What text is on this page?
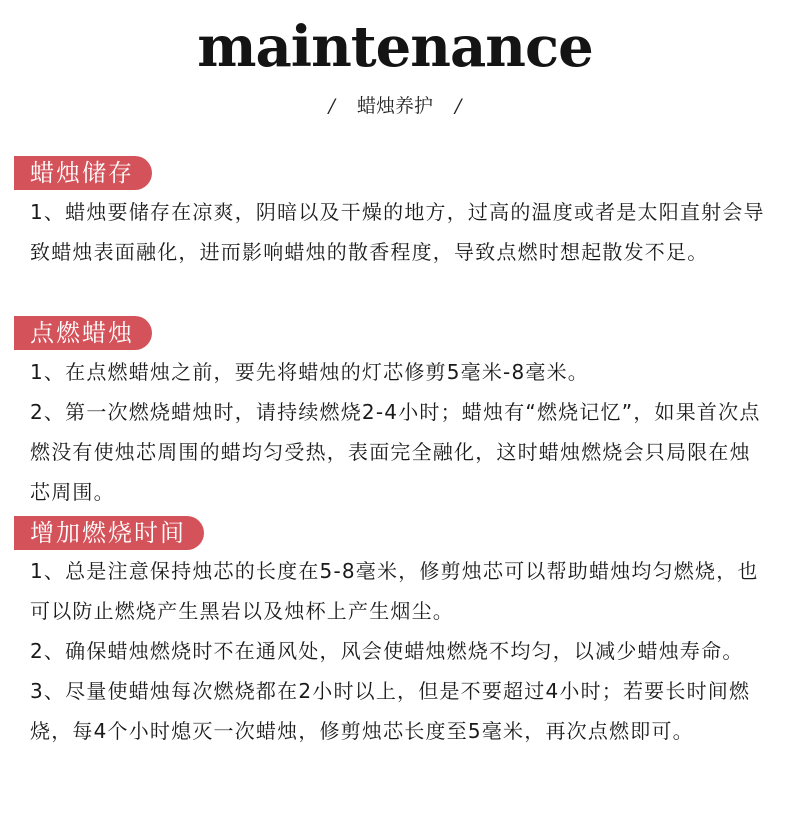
maintenance
/ 蜡烛养护 /
蜡烛储存

1、蜡烛要储存在凉爽，阴暗以及干燥的地方，过高的温度或者是太阳直射会导致蜡烛表面融化，进而影响蜡烛的散香程度，导致点燃时想起散发不足。

点燃蜡烛

1、在点燃蜡烛之前，要先将蜡烛的灯芯修剪5毫米-8毫米。

2、第一次燃烧蜡烛时，请持续燃烧2-4小时；蜡烛有“燃烧记忆”，如果首次点燃没有使烛芯周围的蜡均匀受热，表面完全融化，这时蜡烛燃烧会只局限在烛芯周围。

增加燃烧时间

1、总是注意保持烛芯的长度在5-8毫米，修剪烛芯可以帮助蜡烛均匀燃烧，也可以防止燃烧产生黑岩以及烛杯上产生烟尘。

2、确保蜡烛燃烧时不在通风处，风会使蜡烛燃烧不均匀，以减少蜡烛寿命。

3、尽量使蜡烛每次燃烧都在2小时以上，但是不要超过4小时；若要长时间燃烧，每4个小时熄灭一次蜡烛，修剪烛芯长度至5毫米，再次点燃即可。
